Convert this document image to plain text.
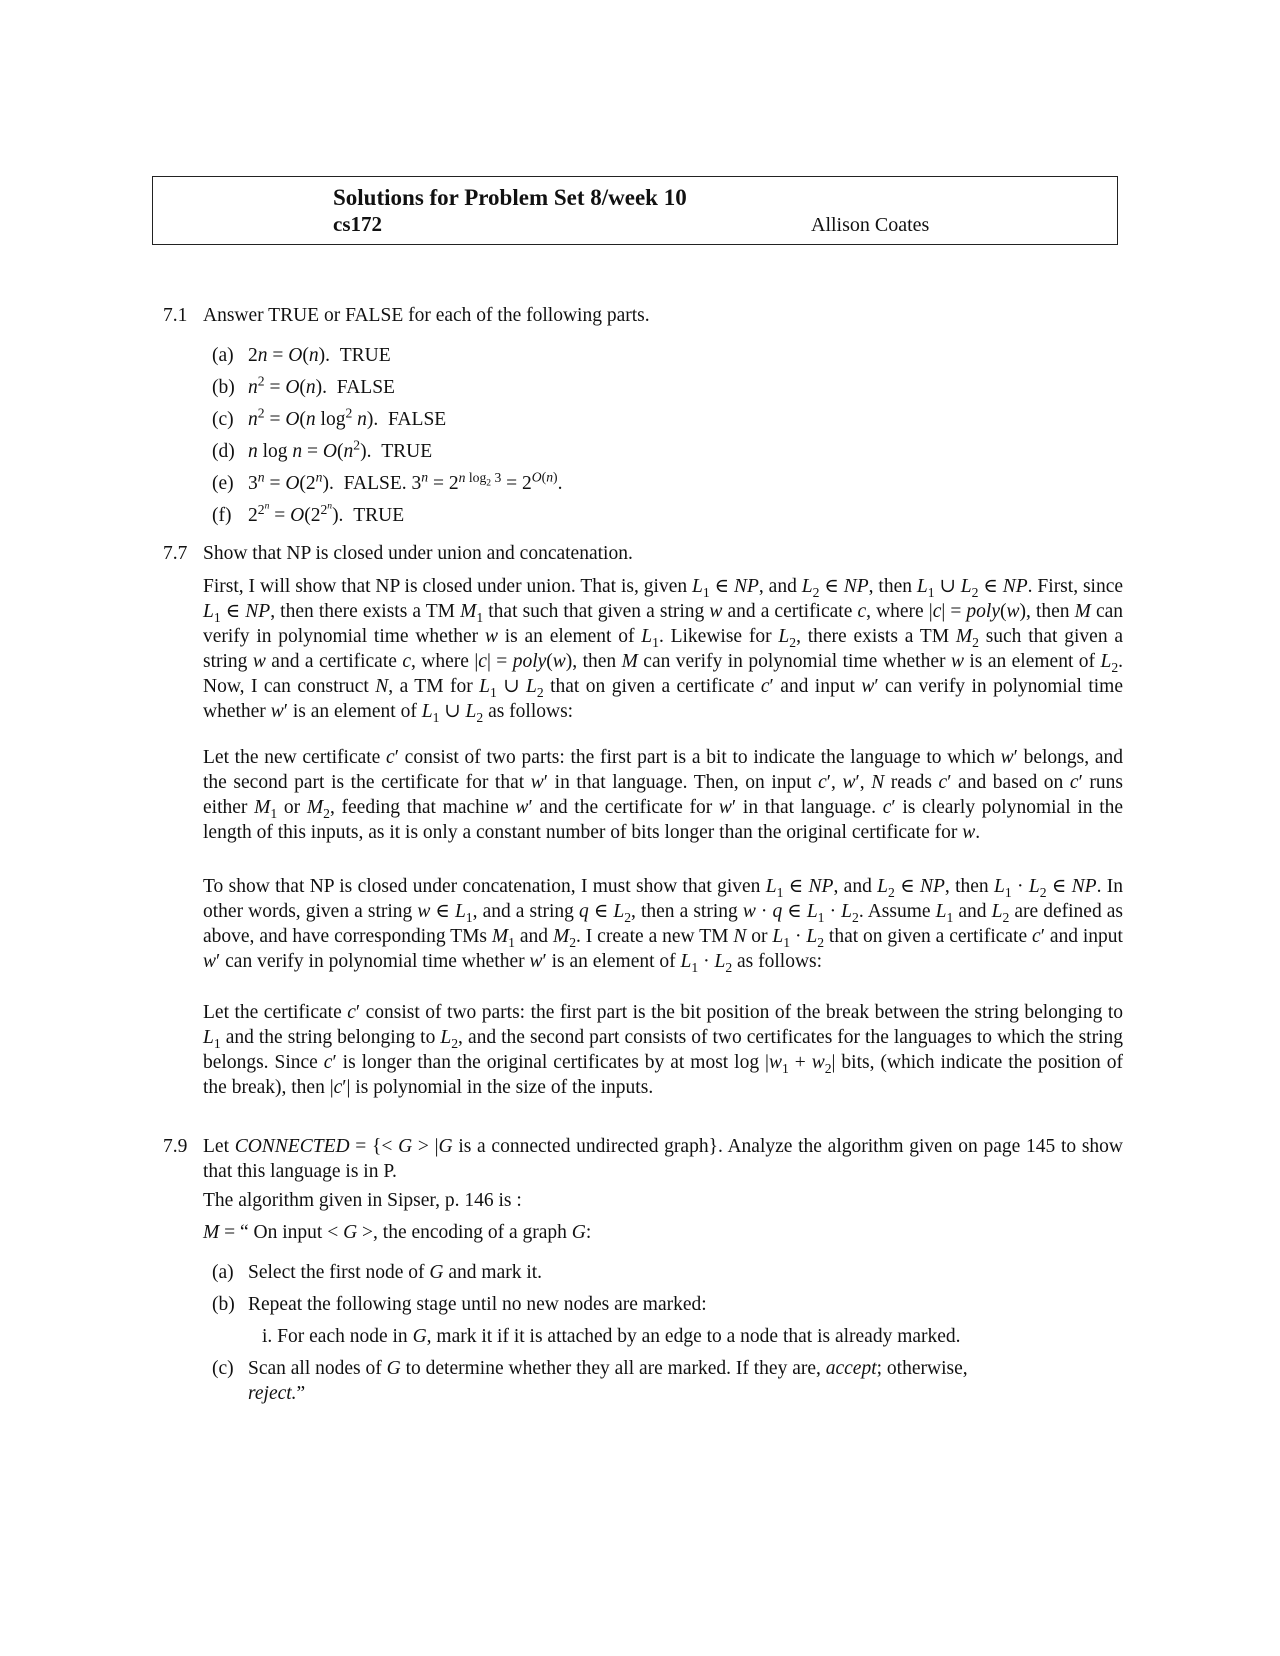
Solutions for Problem Set 8/week 10
cs172	Allison Coates
7.1 Answer TRUE or FALSE for each of the following parts.
(a) 2n = O(n).  TRUE
(b) $n^2 = O(n)$.  FALSE
(c) $n^2 = O(n$ $\log^2 n$).  FALSE
(d) n $\log n = O(n^2)$.  TRUE
(e) $3^n = O(2^n)$.  FALSE. $3^n = 2^{n log_2 3} = 2^{O(n)}$.
(f) $2^{2^n} = O(2^{2^n})$.  TRUE
7.7 Show that NP is closed under union and concatenation.
First, I will show that NP is closed under union. That is, given $L_1$ ∈ NP, and $L_2$ ∈ NP, then $L_1$ ∪ $L_2$ ∈ NP. First, since $L_1$ ∈ NP, then there exists a TM $M_1$ that such that given a string w and a certificate c, where |c| = poly(w), then M can verify in polynomial time whether w is an element of $L_1$. Likewise for $L_2$, there exists a TM $M_2$ such that given a string w and a certificate c, where |c| = poly(w), then M can verify in polynomial time whether w is an element of $L_2$. Now, I can construct N, a TM for $L_1$ ∪ $L_2$ that on given a certificate c′ and input w′ can verify in polynomial time whether w′ is an element of $L_1$ ∪ $L_2$ as follows:
Let the new certificate c′ consist of two parts: the first part is a bit to indicate the language to which w′ belongs, and the second part is the certificate for that w′ in that language. Then, on input c′, w′, N reads c′ and based on c′ runs either $M_1$ or $M_2$, feeding that machine w′ and the certificate for w′ in that language. c′ is clearly polynomial in the length of this inputs, as it is only a constant number of bits longer than the original certificate for w.
To show that NP is closed under concatenation, I must show that given $L_1$ ∈ NP, and $L_2$ ∈ NP, then $L_1 \cdot L_2$ ∈ NP. In other words, given a string w ∈ $L_1$, and a string q ∈ $L_2$, then a string w · q ∈ $L_1 \cdot L_2$. Assume $L_1$ and $L_2$ are defined as above, and have corresponding TMs $M_1$ and $M_2$. I create a new TM N or $L_1 \cdot L_2$ that on given a certificate c′ and input w′ can verify in polynomial time whether w′ is an element of $L_1 \cdot L_2$ as follows:
Let the certificate c′ consist of two parts: the first part is the bit position of the break between the string belonging to $L_1$ and the string belonging to $L_2$, and the second part consists of two certificates for the languages to which the string belongs. Since c′ is longer than the original certificates by at most $\log |w_1 + w_2|$ bits, (which indicate the position of the break), then |c′| is polynomial in the size of the inputs.
7.9 Let CONNECTED = {< G > |G is a connected undirected graph}. Analyze the algorithm given on page 145 to show that this language is in P.
The algorithm given in Sipser, p. 146 is :
M = “ On input < G >, the encoding of a graph G:
(a) Select the first node of G and mark it.
(b) Repeat the following stage until no new nodes are marked:
i. For each node in G, mark it if it is attached by an edge to a node that is already marked.
(c) Scan all nodes of G to determine whether they all are marked. If they are, accept; otherwise,
reject.”
